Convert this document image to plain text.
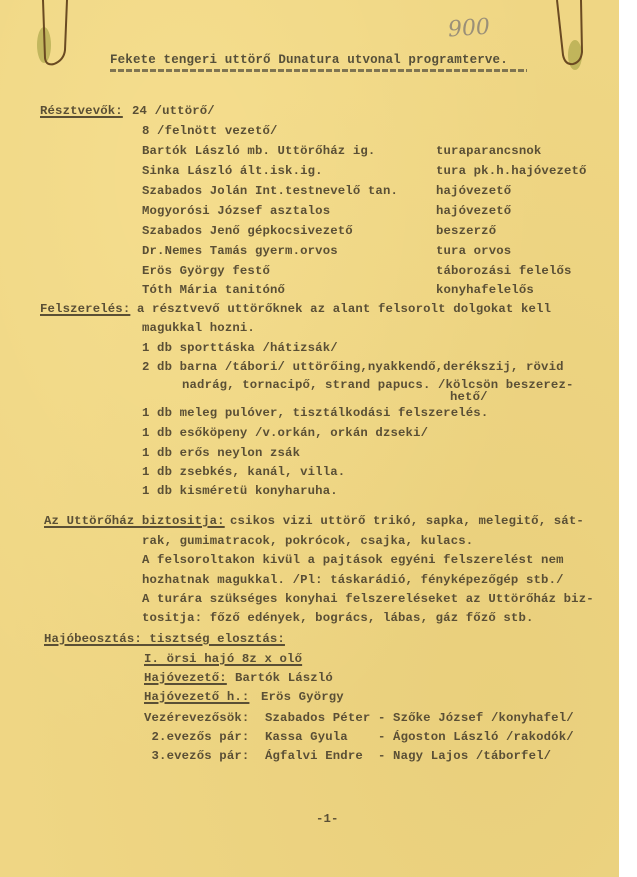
900
Fekete tengeri uttörő Dunatura utvonal programterve.
Résztvevők: 24 /uttörő/
8 /felnött vezető/
Bartók László mb. Uttörőház ig.	turaparancsnok
Sinka László ált.isk.ig.	tura pk.h.hajóvezető
Szabados Jolán Int.testnevelő tan.	hajóvezető
Mogyorósi József asztalos	hajóvezető
Szabados Jenő gépkocsivezető	beszerző
Dr.Nemes Tamás gyerm.orvos	tura orvos
Erös György festő	táborozási felelős
Tóth Mária tanitónő	konyhafelelős
Felszerelés: a résztvevő uttörőknek az alant felsorolt dolgokat kell
magukkal hozni.
1 db sporttáska /hátizsák/
2 db barna /tábori/ uttörőing,nyakkendő,derékszij, rövid
nadrág, tornacipő, strand papucs. /kölcsön beszerez-
hető/
1 db meleg pulóver, tisztálkodási felszerelés.
1 db esőköpeny /v.orkán, orkán dzseki/
1 db erős neylon zsák
1 db zsebkés, kanál, villa.
1 db kisméretü konyharuha.
Az Uttörőház biztositja: csikos vizi uttörő trikó, sapka, melegitő, sát-
rak, gumimatracok, pokrócok, csajka, kulacs.
A felsoroltakon kivül a pajtások egyéni felszerelést nem
hozhatnak magukkal. /Pl: táskarádió, fényképezőgép stb./
A turára szükséges konyhai felszereléseket az Uttörőház biz-
tositja: főző edények, bogrács, lábas, gáz főző stb.
Hajóbeosztás: tisztség elosztás:
I. örsi hajó 8z x olő
Hajóvezető: Bartók László
Hajóvezető h.: Erös György
Vezérevezősök: Szabados Péter - Szőke József /konyhafel/
2.evezős pár: Kassa Gyula - Ágoston László /rakodók/
3.evezős pár: Ágfalvi Endre - Nagy Lajos /táborfel/
-1-
